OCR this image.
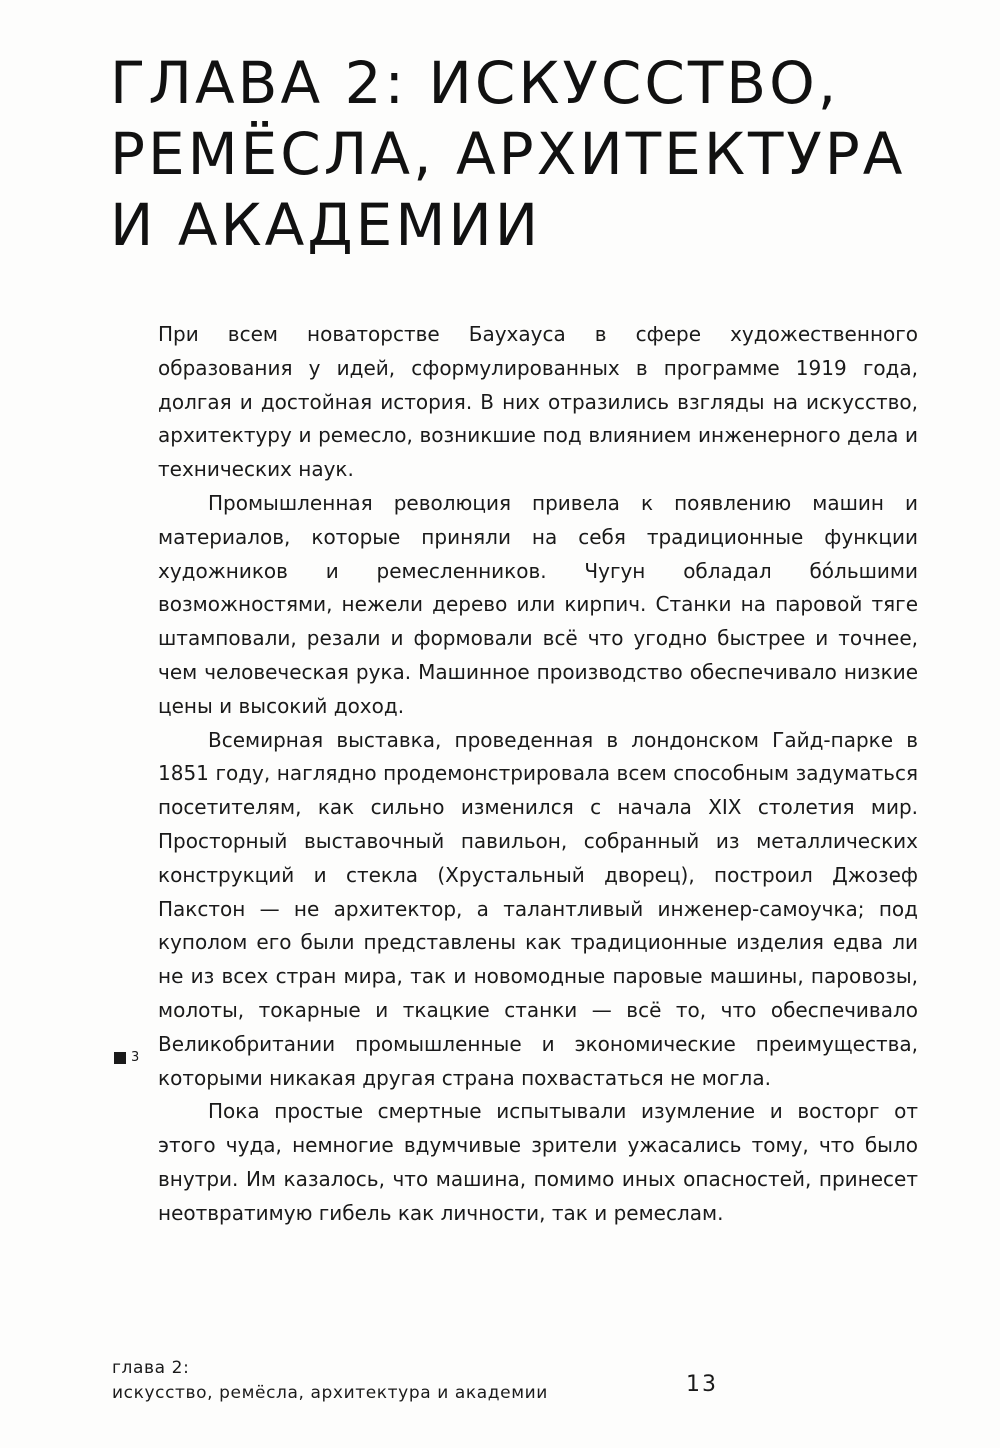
ГЛАВА 2: ИСКУССТВО,
РЕМЁСЛА, АРХИТЕКТУРА
И АКАДЕМИИ

При всем новаторстве Баухауса в сфере художественного образования у идей, сформулированных в программе 1919 года, долгая и достойная история. В них отразились взгляды на искусство, архитектуру и ремесло, возникшие под влиянием инженерного дела и технических наук.

Промышленная революция привела к появлению машин и материалов, которые приняли на себя традиционные функции художников и ремесленников. Чугун обладал бóльшими возможностями, нежели дерево или кирпич. Станки на паровой тяге штамповали, резали и формовали всё что угодно быстрее и точнее, чем человеческая рука. Машинное производство обеспечивало низкие цены и высокий доход.

Всемирная выставка, проведенная в лондонском Гайд-парке в 1851 году, наглядно продемонстрировала всем способным задуматься посетителям, как сильно изменился с начала XIX столетия мир. Просторный выставочный павильон, собранный из металлических конструкций и стекла (Хрустальный дворец), построил Джозеф Пакстон — не архитектор, а талантливый инженер-самоучка; под куполом его были представлены как традиционные изделия едва ли не из всех стран мира, так и новомодные паровые машины, паровозы, молоты, токарные и ткацкие станки — всё то, что обеспечивало Великобритании промышленные и экономические преимущества, которыми никакая другая страна похвастаться не могла.

Пока простые смертные испытывали изумление и восторг от этого чуда, немногие вдумчивые зрители ужасались тому, что было внутри. Им казалось, что машина, помимо иных опасностей, принесет неотвратимую гибель как личности, так и ремеслам.

3
глава 2:
искусство, ремёсла, архитектура и академии	13
